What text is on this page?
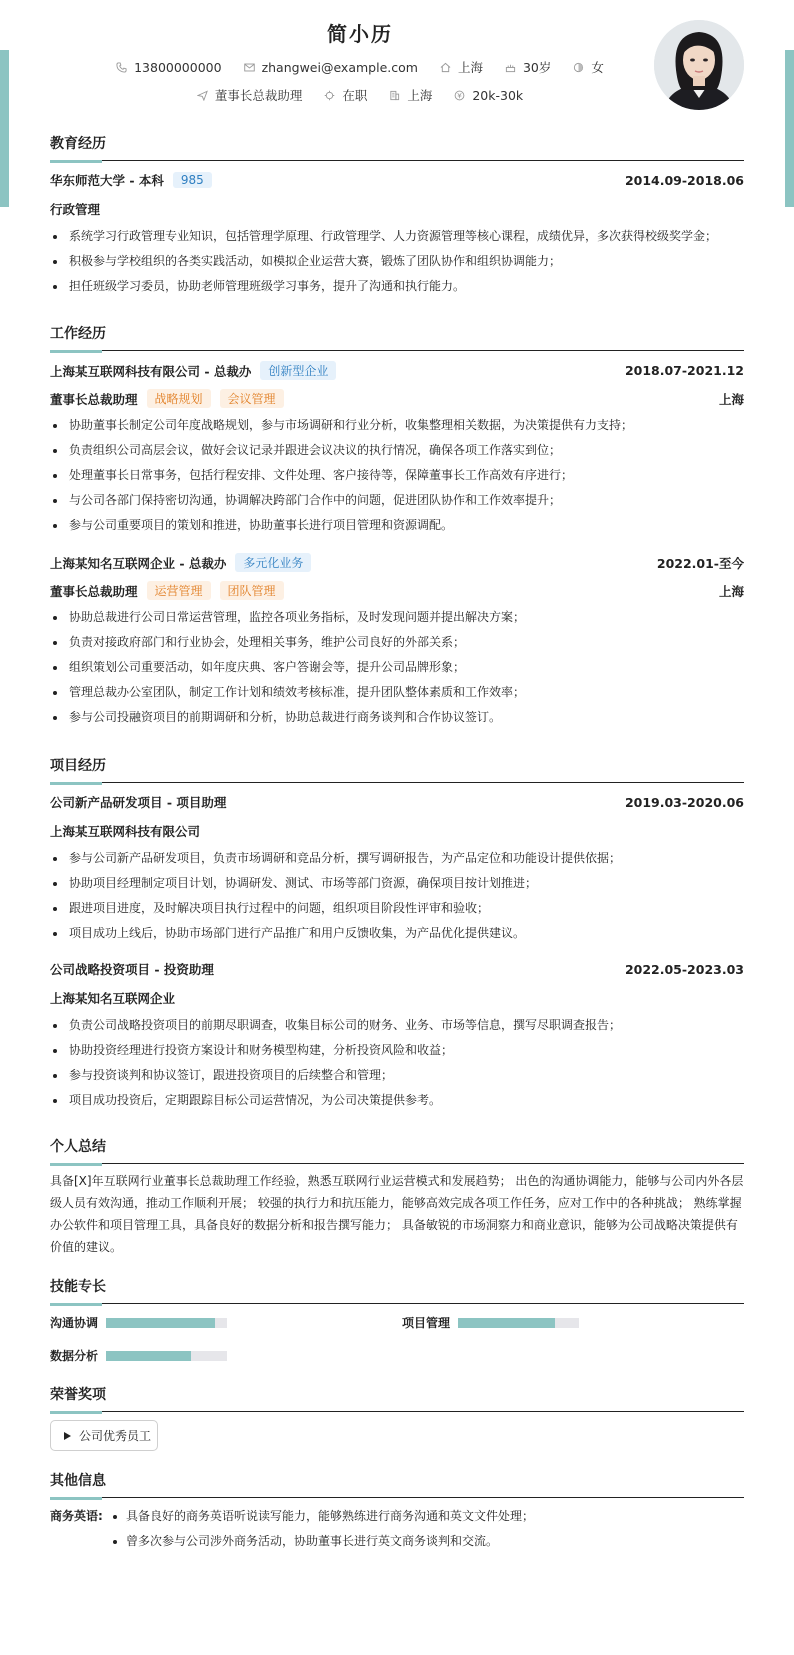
简小历
13800000000	zhangwei@example.com	上海	30岁	女
董事长总裁助理	在职	上海	20k-30k
教育经历
华东师范大学 - 本科	985	2014.09-2018.06
行政管理
系统学习行政管理专业知识，包括管理学原理、行政管理学、人力资源管理等核心课程，成绩优异，多次获得校级奖学金；
积极参与学校组织的各类实践活动，如模拟企业运营大赛，锻炼了团队协作和组织协调能力；
担任班级学习委员，协助老师管理班级学习事务，提升了沟通和执行能力。
工作经历
上海某互联网科技有限公司 - 总裁办	创新型企业	2018.07-2021.12
董事长总裁助理	战略规划	会议管理	上海
协助董事长制定公司年度战略规划，参与市场调研和行业分析，收集整理相关数据，为决策提供有力支持；
负责组织公司高层会议，做好会议记录并跟进会议决议的执行情况，确保各项工作落实到位；
处理董事长日常事务，包括行程安排、文件处理、客户接待等，保障董事长工作高效有序进行；
与公司各部门保持密切沟通，协调解决跨部门合作中的问题，促进团队协作和工作效率提升；
参与公司重要项目的策划和推进，协助董事长进行项目管理和资源调配。
上海某知名互联网企业 - 总裁办	多元化业务	2022.01-至今
董事长总裁助理	运营管理	团队管理	上海
协助总裁进行公司日常运营管理，监控各项业务指标，及时发现问题并提出解决方案；
负责对接政府部门和行业协会，处理相关事务，维护公司良好的外部关系；
组织策划公司重要活动，如年度庆典、客户答谢会等，提升公司品牌形象；
管理总裁办公室团队，制定工作计划和绩效考核标准，提升团队整体素质和工作效率；
参与公司投融资项目的前期调研和分析，协助总裁进行商务谈判和合作协议签订。
项目经历
公司新产品研发项目 - 项目助理	2019.03-2020.06
上海某互联网科技有限公司
参与公司新产品研发项目，负责市场调研和竞品分析，撰写调研报告，为产品定位和功能设计提供依据；
协助项目经理制定项目计划，协调研发、测试、市场等部门资源，确保项目按计划推进；
跟进项目进度，及时解决项目执行过程中的问题，组织项目阶段性评审和验收；
项目成功上线后，协助市场部门进行产品推广和用户反馈收集，为产品优化提供建议。
公司战略投资项目 - 投资助理	2022.05-2023.03
上海某知名互联网企业
负责公司战略投资项目的前期尽职调查，收集目标公司的财务、业务、市场等信息，撰写尽职调查报告；
协助投资经理进行投资方案设计和财务模型构建，分析投资风险和收益；
参与投资谈判和协议签订，跟进投资项目的后续整合和管理；
项目成功投资后，定期跟踪目标公司运营情况，为公司决策提供参考。
个人总结
具备[X]年互联网行业董事长总裁助理工作经验，熟悉互联网行业运营模式和发展趋势； 出色的沟通协调能力，能够与公司内外各层级人员有效沟通，推动工作顺利开展； 较强的执行力和抗压能力，能够高效完成各项工作任务，应对工作中的各种挑战； 熟练掌握办公软件和项目管理工具，具备良好的数据分析和报告撰写能力； 具备敏锐的市场洞察力和商业意识，能够为公司战略决策提供有价值的建议。
技能专长
沟通协调	项目管理
数据分析
荣誉奖项
公司优秀员工
其他信息
商务英语:	具备良好的商务英语听说读写能力，能够熟练进行商务沟通和英文文件处理；
曾多次参与公司涉外商务活动，协助董事长进行英文商务谈判和交流。
